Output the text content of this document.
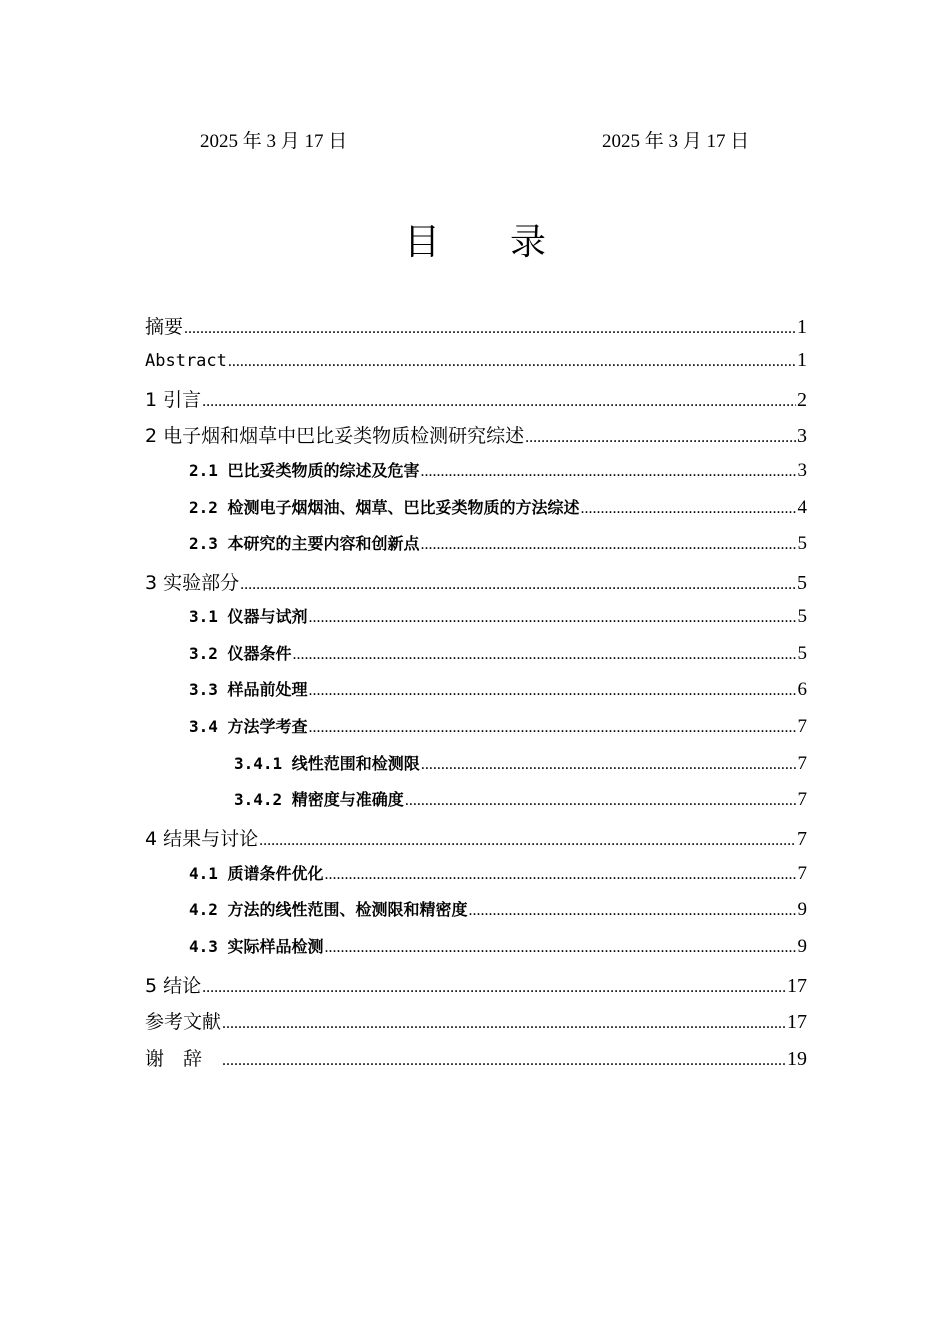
2025 年 3 月 17 日	2025 年 3 月 17 日
目录
摘要 .....	1
Abstract .....	1
1 引言 .....	2
2 电子烟和烟草中巴比妥类物质检测研究综述 .....	3
2.1 巴比妥类物质的综述及危害 .....	3
2.2 检测电子烟烟油、烟草、巴比妥类物质的方法综述 .....	4
2.3 本研究的主要内容和创新点 .....	5
3 实验部分 .....	5
3.1 仪器与试剂 .....	5
3.2 仪器条件 .....	5
3.3 样品前处理 .....	6
3.4 方法学考查 .....	7
3.4.1 线性范围和检测限 .....	7
3.4.2 精密度与准确度 .....	7
4 结果与讨论 .....	7
4.1 质谱条件优化 .....	7
4.2 方法的线性范围、检测限和精密度 .....	9
4.3 实际样品检测 .....	9
5 结论 .....	17
参考文献 .....	17
谢辞 .....	19
